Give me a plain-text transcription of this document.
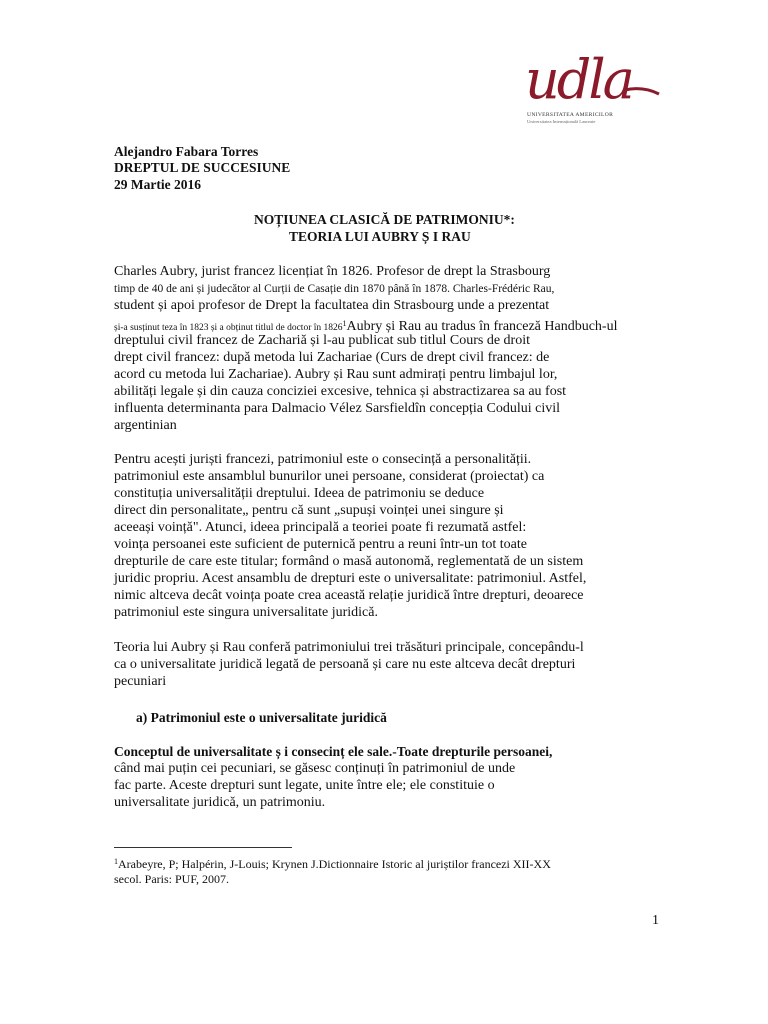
udla
UNIVERSITATEA AMERICILOR
Universitatea Internațională Laureate
Alejandro Fabara Torres
DREPTUL DE SUCCESIUNE
29 Martie 2016
NOȚIUNEA CLASICĂ DE PATRIMONIU*:
TEORIA LUI AUBRY Ș I RAU
Charles Aubry, jurist francez licențiat în 1826. Profesor de drept la Strasbourg
timp de 40 de ani și judecător al Curții de Casație din 1870 până în 1878. Charles-Frédéric Rau,
student și apoi profesor de Drept la facultatea din Strasbourg unde a prezentat
și-a susținut teza în 1823 și a obținut titlul de doctor în 1826$^1$Aubry și Rau au tradus în franceză Handbuch-ul
dreptului civil francez de Zachariă și l-au publicat sub titlul Cours de droit
drept civil francez: după metoda lui Zachariae (Curs de drept civil francez: de
acord cu metoda lui Zachariae). Aubry și Rau sunt admirați pentru limbajul lor,
abilități legale și din cauza conciziei excesive, tehnica și abstractizarea sa au fost
influenta determinanta para Dalmacio Vélez Sarsfieldîn concepția Codului civil
argentinian
Pentru acești juriști francezi, patrimoniul este o consecință a personalității.
patrimoniul este ansamblul bunurilor unei persoane, considerat (proiectat) ca
constituția universalității dreptului. Ideea de patrimoniu se deduce
direct din personalitate„ pentru că sunt „supuși voinței unei singure și
aceeași voință". Atunci, ideea principală a teoriei poate fi rezumată astfel:
voința persoanei este suficient de puternică pentru a reuni într-un tot toate
drepturile de care este titular; formând o masă autonomă, reglementată de un sistem
juridic propriu. Acest ansamblu de drepturi este o universalitate: patrimoniul. Astfel,
nimic altceva decât voința poate crea această relație juridică între drepturi, deoarece
patrimoniul este singura universalitate juridică.
Teoria lui Aubry și Rau conferă patrimoniului trei trăsături principale, concepându-l
ca o universalitate juridică legată de persoană și care nu este altceva decât drepturi
pecuniari
a) Patrimoniul este o universalitate juridică
Conceptul de universalitate ș i consecinț ele sale.-Toate drepturile persoanei,
când mai puțin cei pecuniari, se găsesc conținuți în patrimoniul de unde
fac parte. Aceste drepturi sunt legate, unite între ele; ele constituie o
universalitate juridică, un patrimoniu.
$^1$Arabeyre, P; Halpérin, J-Louis; Krynen J.Dictionnaire Istoric al juriștilor francezi XII-XX
secol. Paris: PUF, 2007.
1
